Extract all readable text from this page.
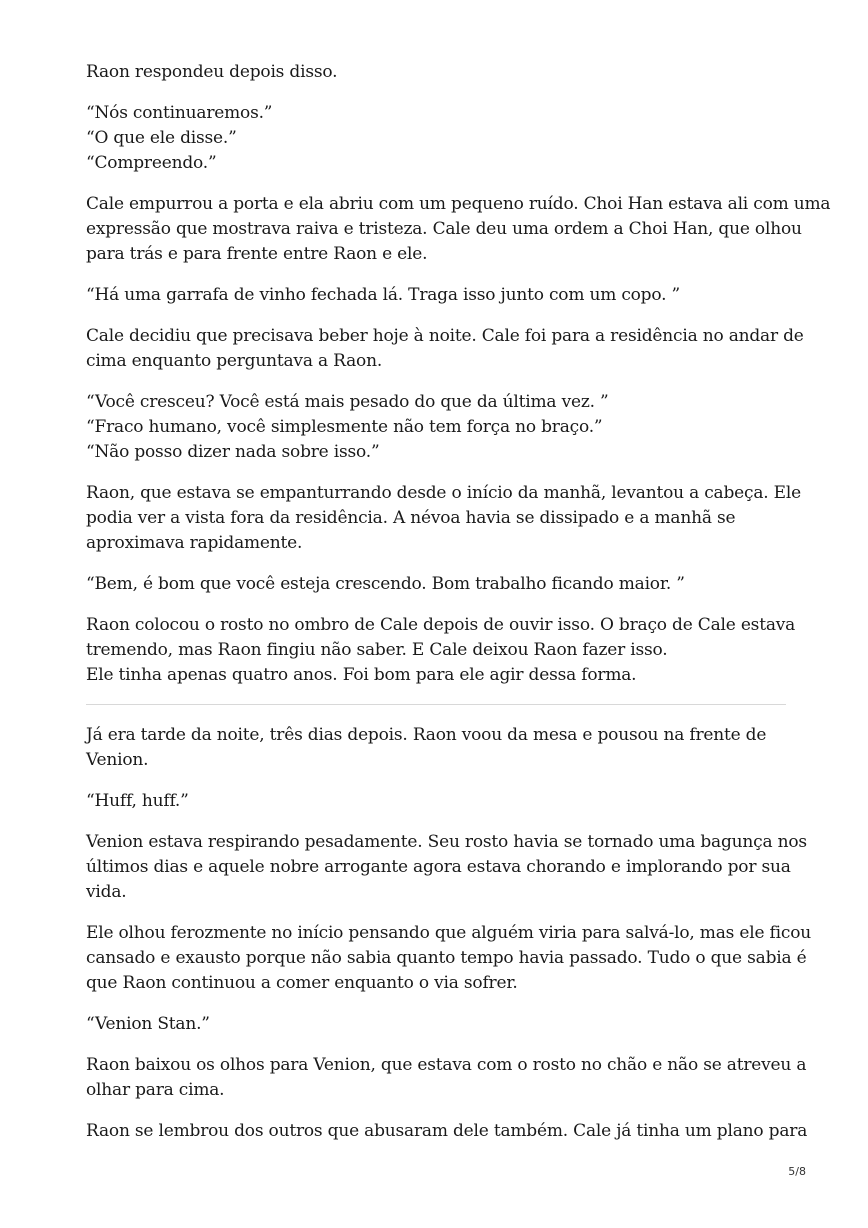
Raon respondeu depois disso.

“Nós continuaremos.”
“O que ele disse.”
“Compreendo.”

Cale empurrou a porta e ela abriu com um pequeno ruído. Choi Han estava ali com uma
expressão que mostrava raiva e tristeza. Cale deu uma ordem a Choi Han, que olhou
para trás e para frente entre Raon e ele.

“Há uma garrafa de vinho fechada lá. Traga isso junto com um copo. ”

Cale decidiu que precisava beber hoje à noite. Cale foi para a residência no andar de
cima enquanto perguntava a Raon.

“Você cresceu? Você está mais pesado do que da última vez. ”
“Fraco humano, você simplesmente não tem força no braço.”
“Não posso dizer nada sobre isso.”

Raon, que estava se empanturrando desde o início da manhã, levantou a cabeça. Ele
podia ver a vista fora da residência. A névoa havia se dissipado e a manhã se
aproximava rapidamente.

“Bem, é bom que você esteja crescendo. Bom trabalho ficando maior. ”

Raon colocou o rosto no ombro de Cale depois de ouvir isso. O braço de Cale estava
tremendo, mas Raon fingiu não saber. E Cale deixou Raon fazer isso.
Ele tinha apenas quatro anos. Foi bom para ele agir dessa forma.

Já era tarde da noite, três dias depois. Raon voou da mesa e pousou na frente de
Venion.

“Huff, huff.”

Venion estava respirando pesadamente. Seu rosto havia se tornado uma bagunça nos
últimos dias e aquele nobre arrogante agora estava chorando e implorando por sua
vida.

Ele olhou ferozmente no início pensando que alguém viria para salvá-lo, mas ele ficou
cansado e exausto porque não sabia quanto tempo havia passado. Tudo o que sabia é
que Raon continuou a comer enquanto o via sofrer.

“Venion Stan.”

Raon baixou os olhos para Venion, que estava com o rosto no chão e não se atreveu a
olhar para cima.

Raon se lembrou dos outros que abusaram dele também. Cale já tinha um plano para

5/8
